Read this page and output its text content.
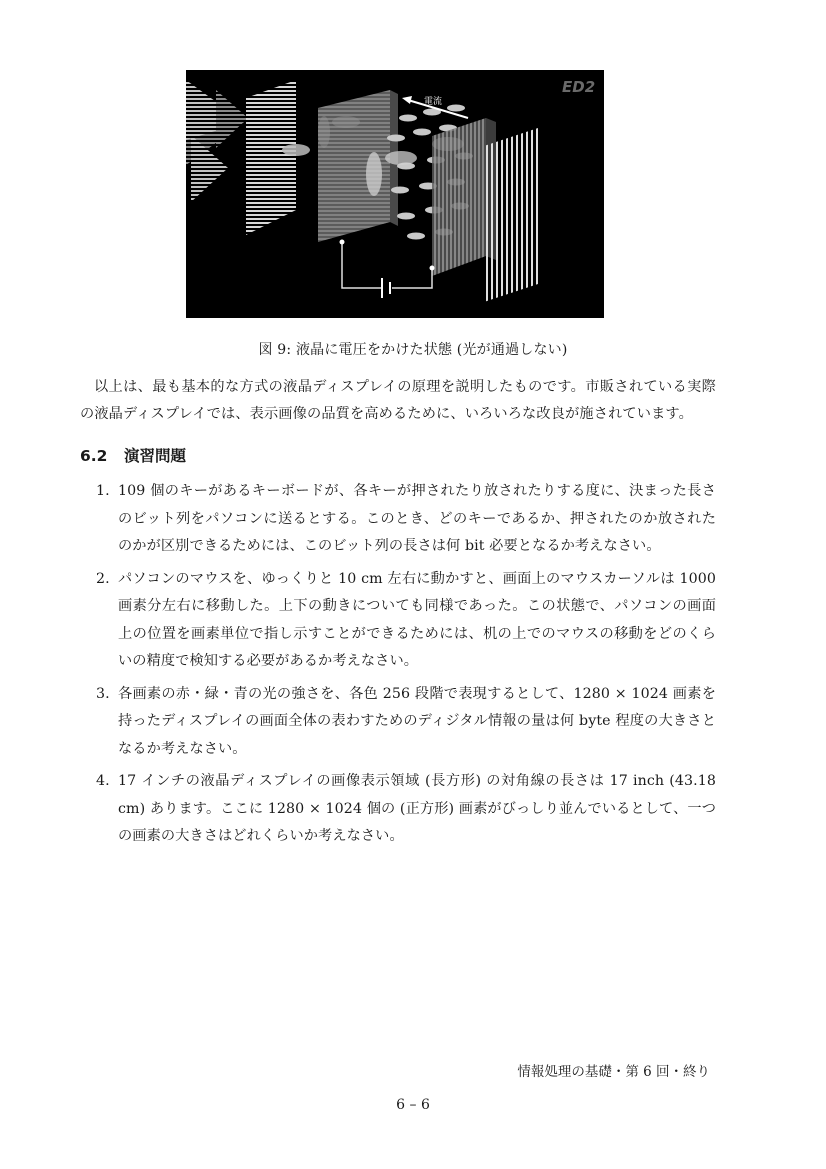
電流
ED2
図 9: 液晶に電圧をかけた状態 (光が通過しない)

以上は、最も基本的な方式の液晶ディスプレイの原理を説明したものです。市販されている実際の液晶ディスプレイでは、表示画像の品質を高めるために、いろいろな改良が施されています。

6.2 演習問題
1. 109 個のキーがあるキーボードが、各キーが押されたり放されたりする度に、決まった長さのビット列をパソコンに送るとする。このとき、どのキーであるか、押されたのか放されたのかが区別できるためには、このビット列の長さは何 bit 必要となるか考えなさい。
2. パソコンのマウスを、ゆっくりと 10 cm 左右に動かすと、画面上のマウスカーソルは 1000 画素分左右に移動した。上下の動きについても同様であった。この状態で、パソコンの画面上の位置を画素単位で指し示すことができるためには、机の上でのマウスの移動をどのくらいの精度で検知する必要があるか考えなさい。
3. 各画素の赤・緑・青の光の強さを、各色 256 段階で表現するとして、1280 × 1024 画素を持ったディスプレイの画面全体の表わすためのディジタル情報の量は何 byte 程度の大きさとなるか考えなさい。
4. 17 インチの液晶ディスプレイの画像表示領域 (長方形) の対角線の長さは 17 inch (43.18 cm) あります。ここに 1280 × 1024 個の (正方形) 画素がびっしり並んでいるとして、一つの画素の大きさはどれくらいか考えなさい。
情報処理の基礎・第 6 回・終り
6 – 6
